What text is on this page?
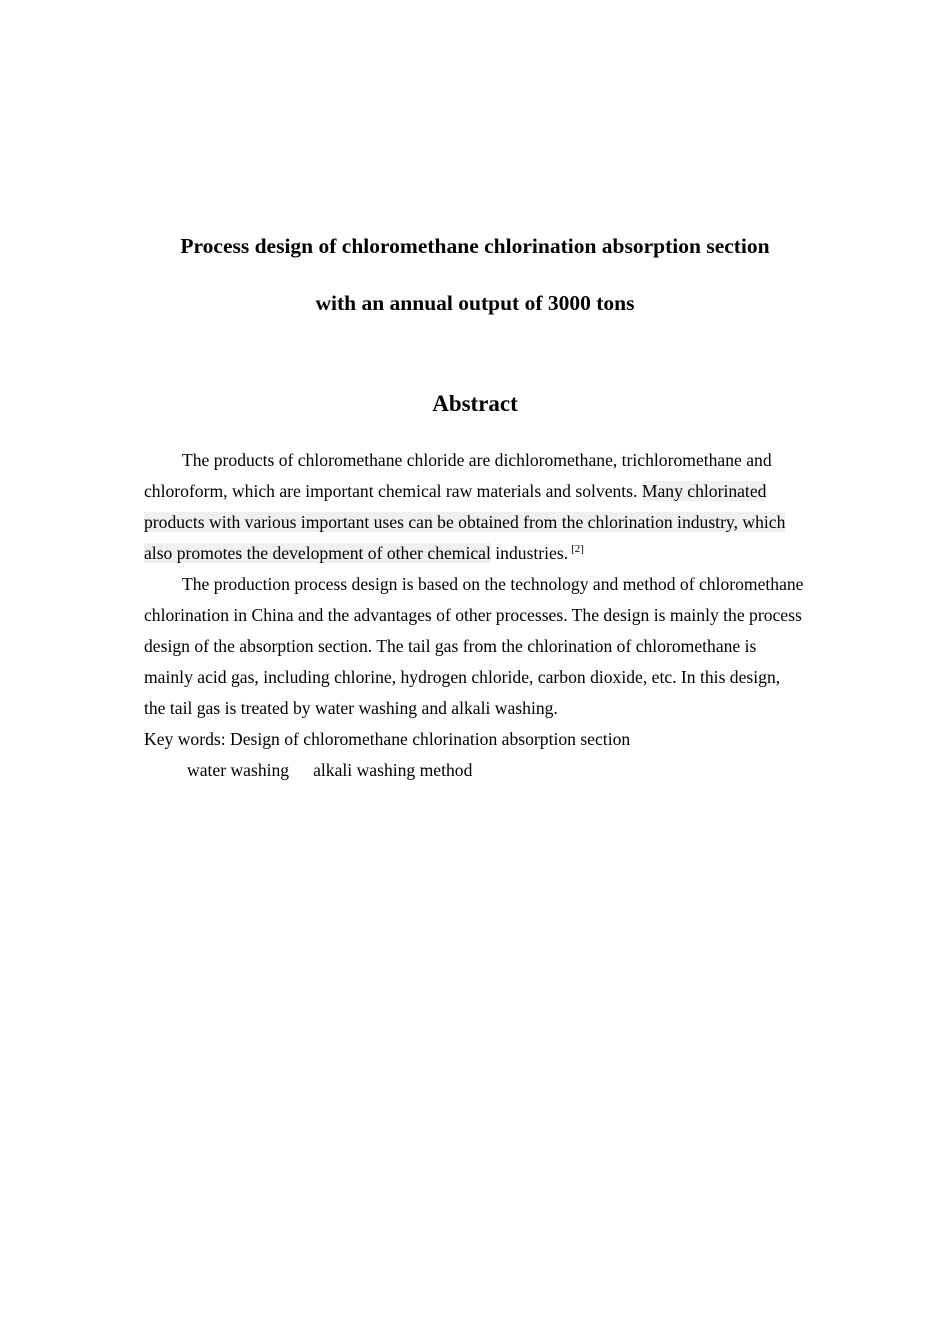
Process design of chloromethane chlorination absorption section
with an annual output of 3000 tons
Abstract

The products of chloromethane chloride are dichloromethane, trichloromethane and chloroform, which are important chemical raw materials and solvents. Many chlorinated products with various important uses can be obtained from the chlorination industry, which also promotes the development of other chemical industries. [2]

The production process design is based on the technology and method of chloromethane chlorination in China and the advantages of other processes. The design is mainly the process design of the absorption section. The tail gas from the chlorination of chloromethane is mainly acid gas, including chlorine, hydrogen chloride, carbon dioxide, etc. In this design, the tail gas is treated by water washing and alkali washing.

Key words: Design of chloromethane chlorination absorption section

water washing alkali washing method
